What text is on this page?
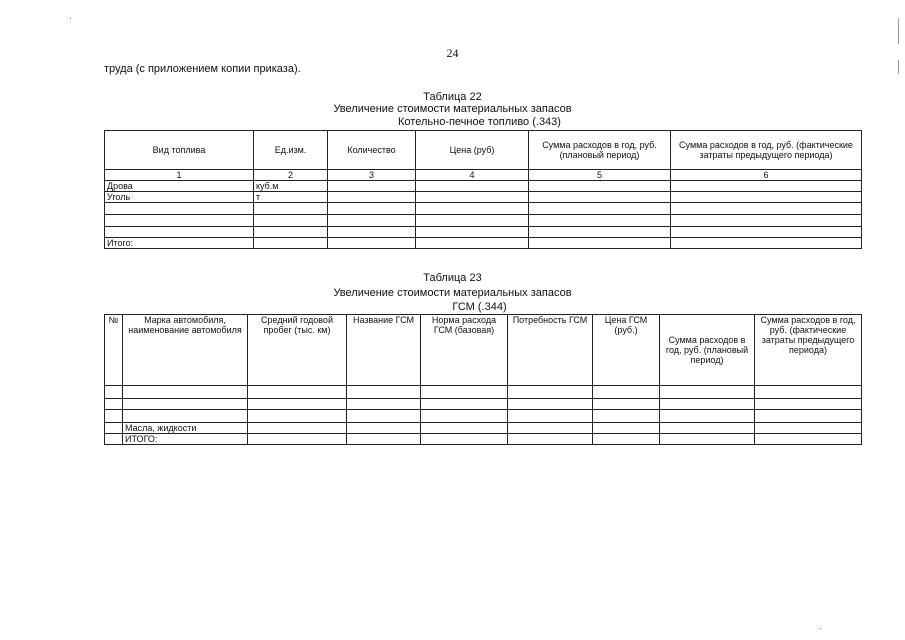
24
труда (с приложением копии приказа).
Таблица 22
Увеличение стоимости материальных запасов
Котельно-печное топливо (.343)
Вид топлива	Ед.изм.	Количество	Цена (руб)	Сумма расходов в год, руб. (плановый период)	Сумма расходов в год, руб. (фактические затраты предыдущего периода)
1	2	3	4	5	6
Дрова	куб.м				
Уголь	т				

Итого:					
Таблица 23
Увеличение стоимости материальных запасов
ГСМ (.344)
№	Марка автомобиля, наименование автомобиля	Средний годовой пробег (тыс. км)	Название ГСМ	Норма расхода ГСМ (базовая)	Потребность ГСМ	Цена ГСМ (руб.)	Сумма расходов в год, руб. (плановый период)	Сумма расходов в год, руб. (фактические затраты предыдущего периода)

	Масла, жидкости							
	ИТОГО:							
